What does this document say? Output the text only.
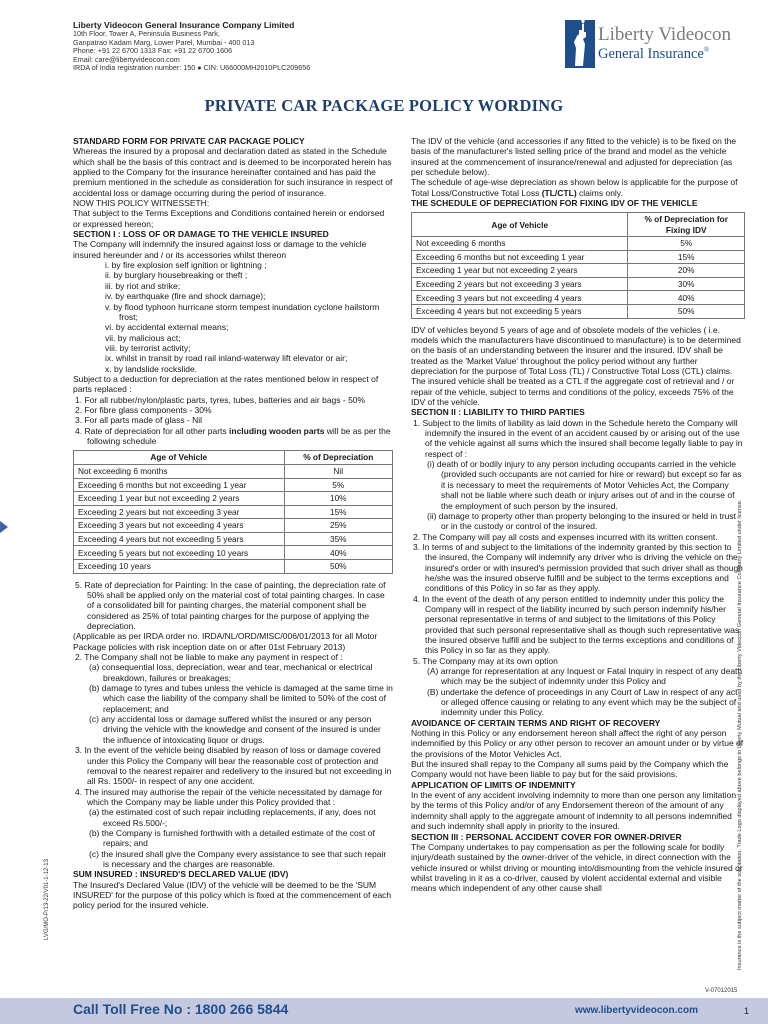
Liberty Videocon General Insurance Company Limited
10th Floor, Tower A, Peninsula Business Park,
Ganpatrao Kadam Marg, Lower Parel, Mumbai - 400 013
Phone: +91 22 6700 1313 Fax: +91 22 6700 1606
Email: care@libertyvideocon.com
IRDA of India registration number: 150 ● CIN: U66000MH2010PLC209656
Liberty Videocon
General Insurance®
PRIVATE CAR PACKAGE POLICY WORDING

STANDARD FORM FOR PRIVATE CAR PACKAGE POLICY

Whereas the insured by a proposal and declaration dated as stated in the Schedule which shall be the basis of this contract and is deemed to be incorporated herein has applied to the Company for the insurance hereinafter contained and has paid the premium mentioned in the schedule as consideration for such insurance in respect of accidental loss or damage occurring during the period of insurance.

NOW THIS POLICY WITNESSETH:

That subject to the Terms Exceptions and Conditions contained herein or endorsed or expressed hereon;

SECTION I : LOSS OF OR DAMAGE TO THE VEHICLE INSURED

The Company will indemnify the insured against loss or damage to the vehicle insured hereunder and / or its accessories whilst thereon

i. by fire explosion self ignition or lightning ;

ii. by burglary housebreaking or theft ;

iii. by riot and strike;

iv. by earthquake (fire and shock damage);

v. by flood typhoon hurricane storm tempest inundation cyclone hailstorm frost;

vi. by accidental external means;

vii. by malicious act;

viii. by terrorist activity;

ix. whilst in transit by road rail inland-waterway lift elevator or air;

x. by landslide rockslide.

Subject to a deduction for depreciation at the rates mentioned below in respect of parts replaced :

1. For all rubber/nylon/plastic parts, tyres, tubes, batteries and air bags - 50%

2. For fibre glass components - 30%

3. For all parts made of glass - Nil

4. Rate of depreciation for all other parts including wooden parts will be as per the following schedule

Age of Vehicle	% of Depreciation
Not exceeding 6 months	Nil
Exceeding 6 months but not exceeding 1 year	5%
Exceeding 1 year but not exceeding 2 years	10%
Exceeding 2 years but not exceeding 3 year	15%
Exceeding 3 years but not exceeding 4 years	25%
Exceeding 4 years but not exceeding 5 years	35%
Exceeding 5 years but not exceeding 10 years	40%
Exceeding 10 years	50%

5. Rate of depreciation for Painting: In the case of painting, the depreciation rate of 50% shall be applied only on the material cost of total painting charges. In case of a consolidated bill for painting charges, the material component shall be considered as 25% of total painting charges for the purpose of applying the depreciation.

(Applicable as per IRDA order no. IRDA/NL/ORD/MISC/006/01/2013 for all Motor Package policies with risk inception date on or after 01st February 2013)

2. The Company shall not be liable to make any payment in respect of :

(a) consequential loss, depreciation, wear and tear, mechanical or electrical breakdown, failures or breakages;

(b) damage to tyres and tubes unless the vehicle is damaged at the same time in which case the liability of the company shall be limited to 50% of the cost of replacement; and

(c) any accidental loss or damage suffered whilst the insured or any person driving the vehicle with the knowledge and consent of the insured is under the influence of intoxicating liquor or drugs.

3. In the event of the vehicle being disabled by reason of loss or damage covered under this Policy the Company will bear the reasonable cost of protection and removal to the nearest repairer and redelivery to the insured but not exceeding in all Rs. 1500/- in respect of any one accident.

4. The insured may authorise the repair of the vehicle necessitated by damage for which the Company may be liable under this Policy provided that :

(a) the estimated cost of such repair including replacements, if any, does not exceed Rs.500/-;

(b) the Company is furnished forthwith with a detailed estimate of the cost of repairs; and

(c) the insured shall give the Company every assistance to see that such repair is necessary and the charges are reasonable.

SUM INSURED : INSURED'S DECLARED VALUE (IDV)

The Insured's Declared Value (IDV) of the vehicle will be deemed to be the 'SUM INSURED' for the purpose of this policy which is fixed at the commencement of each policy period for the insured vehicle.

The IDV of the vehicle (and accessories if any fitted to the vehicle) is to be fixed on the basis of the manufacturer's listed selling price of the brand and model as the vehicle insured at the commencement of insurance/renewal and adjusted for depreciation (as per schedule below).

The schedule of age-wise depreciation as shown below is applicable for the purpose of Total Loss/Constructive Total Loss (TL/CTL) claims only.

THE SCHEDULE OF DEPRECIATION FOR FIXING IDV OF THE VEHICLE

Age of Vehicle	% of Depreciation for Fixing IDV
Not exceeding 6 months	5%
Exceeding 6 months but not exceeding 1 year	15%
Exceeding 1 year but not exceeding 2 years	20%
Exceeding 2 years but not exceeding 3 years	30%
Exceeding 3 years but not exceeding 4 years	40%
Exceeding 4 years but not exceeding 5 years	50%

IDV of vehicles beyond 5 years of age and of obsolete models of the vehicles ( i.e. models which the manufacturers have discontinued to manufacture) is to be determined on the basis of an understanding between the insurer and the insured. IDV shall be treated as the 'Market Value' throughout the policy period without any further depreciation for the purpose of Total Loss (TL) / Constructive Total Loss (CTL) claims.

The insured vehicle shall be treated as a CTL if the aggregate cost of retrieval and / or repair of the vehicle, subject to terms and conditions of the policy, exceeds 75% of the IDV of the vehicle.

SECTION II : LIABILITY TO THIRD PARTIES

1. Subject to the limits of liability as laid down in the Schedule hereto the Company will indemnify the insured in the event of an accident caused by or arising out of the use of the vehicle against all sums which the insured shall become legally liable to pay in respect of :

(i) death of or bodily injury to any person including occupants carried in the vehicle (provided such occupants are not carried for hire or reward) but except so far as it is necessary to meet the requirements of Motor Vehicles Act, the Company shall not be liable where such death or injury arises out of and in the course of the employment of such person by the insured.

(ii) damage to property other than property belonging to the insured or held in trust or in the custody or control of the insured.

2. The Company will pay all costs and expenses incurred with its written consent.

3. In terms of and subject to the limitations of the indemnity granted by this section to the insured, the Company will indemnify any driver who is driving the vehicle on the insured's order or with insured's permission provided that such driver shall as though he/she was the insured observe fulfill and be subject to the terms exceptions and conditions of this Policy in so far as they apply.

4. In the event of the death of any person entitled to indemnity under this policy the Company will in respect of the liability incurred by such person indemnify his/her personal representative in terms of and subject to the limitations of this Policy provided that such personal representative shall as though such representative was the insured observe fulfill and be subject to the terms exceptions and conditions of this Policy in so far as they apply.

5. The Company may at its own option

(A) arrange for representation at any Inquest or Fatal Inquiry in respect of any death which may be the subject of indemnity under this Policy and

(B) undertake the defence of proceedings in any Court of Law in respect of any act or alleged offence causing or relating to any event which may be the subject of indemnity under this Policy.

AVOIDANCE OF CERTAIN TERMS AND RIGHT OF RECOVERY

Nothing in this Policy or any endorsement hereon shall affect the right of any person indemnified by this Policy or any other person to recover an amount under or by virtue of the provisions of the Motor Vehicles Act.

But the insured shall repay to the Company all sums paid by the Company which the Company would not have been liable to pay but for the said provisions.

APPLICATION OF LIMITS OF INDEMNITY

In the event of any accident involving indemnity to more than one person any limitation by the terms of this Policy and/or of any Endorsement thereon of the amount of any indemnity shall apply to the aggregate amount of indemnity to all persons indemnified and such indemnity shall apply in priority to the insured.

SECTION III : PERSONAL ACCIDENT COVER FOR OWNER-DRIVER

The Company undertakes to pay compensation as per the following scale for bodily injury/death sustained by the owner-driver of the vehicle, in direct connection with the vehicle insured or whilst driving or mounting into/dismounting from the vehicle insured or whilst traveling in it as a co-driver, caused by violent accidental external and visible means which independent of any other cause shall	Insurance is the subject matter of the solicitation. Trade Logo displayed above belongs to Liberty Mutual and used by the Liberty Videocon General Insurance Company Limited under license.
LVG/MO-P/13-22/V01-1-12-13
V-07012015
Call Toll Free No : 1800 266 5844	www.libertyvideocon.com	1
